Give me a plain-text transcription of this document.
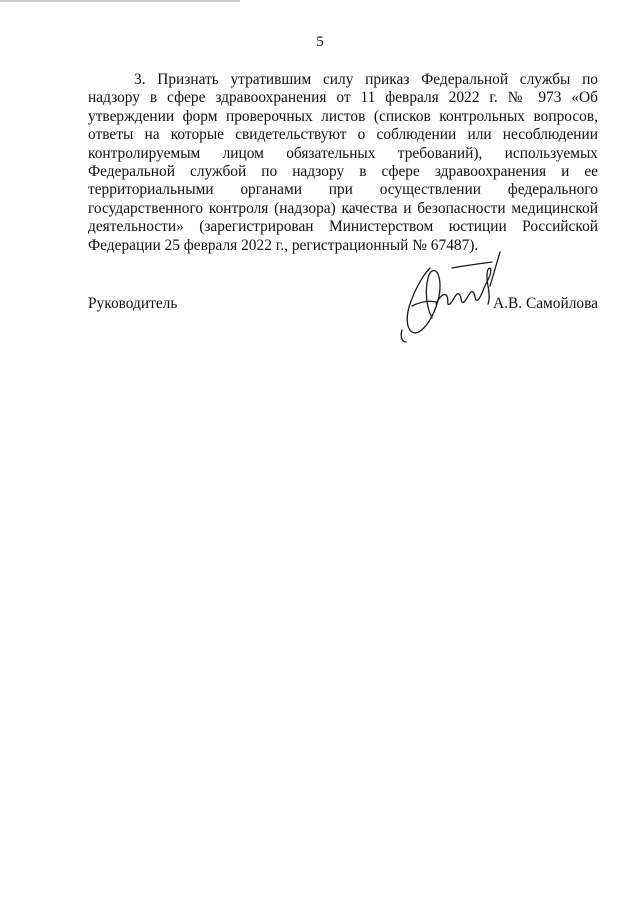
5

3. Признать утратившим силу приказ Федеральной службы по надзору в сфере здравоохранения от 11 февраля 2022 г. № 973 «Об утверждении форм проверочных листов (списков контрольных вопросов, ответы на которые свидетельствуют о соблюдении или несоблюдении контролируемым лицом обязательных требований), используемых Федеральной службой по надзору в сфере здравоохранения и ее территориальными органами при осуществлении федерального государственного контроля (надзора) качества и безопасности медицинской деятельности» (зарегистрирован Министерством юстиции Российской Федерации 25 февраля 2022 г., регистрационный № 67487).

Руководитель	А.В. Самойлова
